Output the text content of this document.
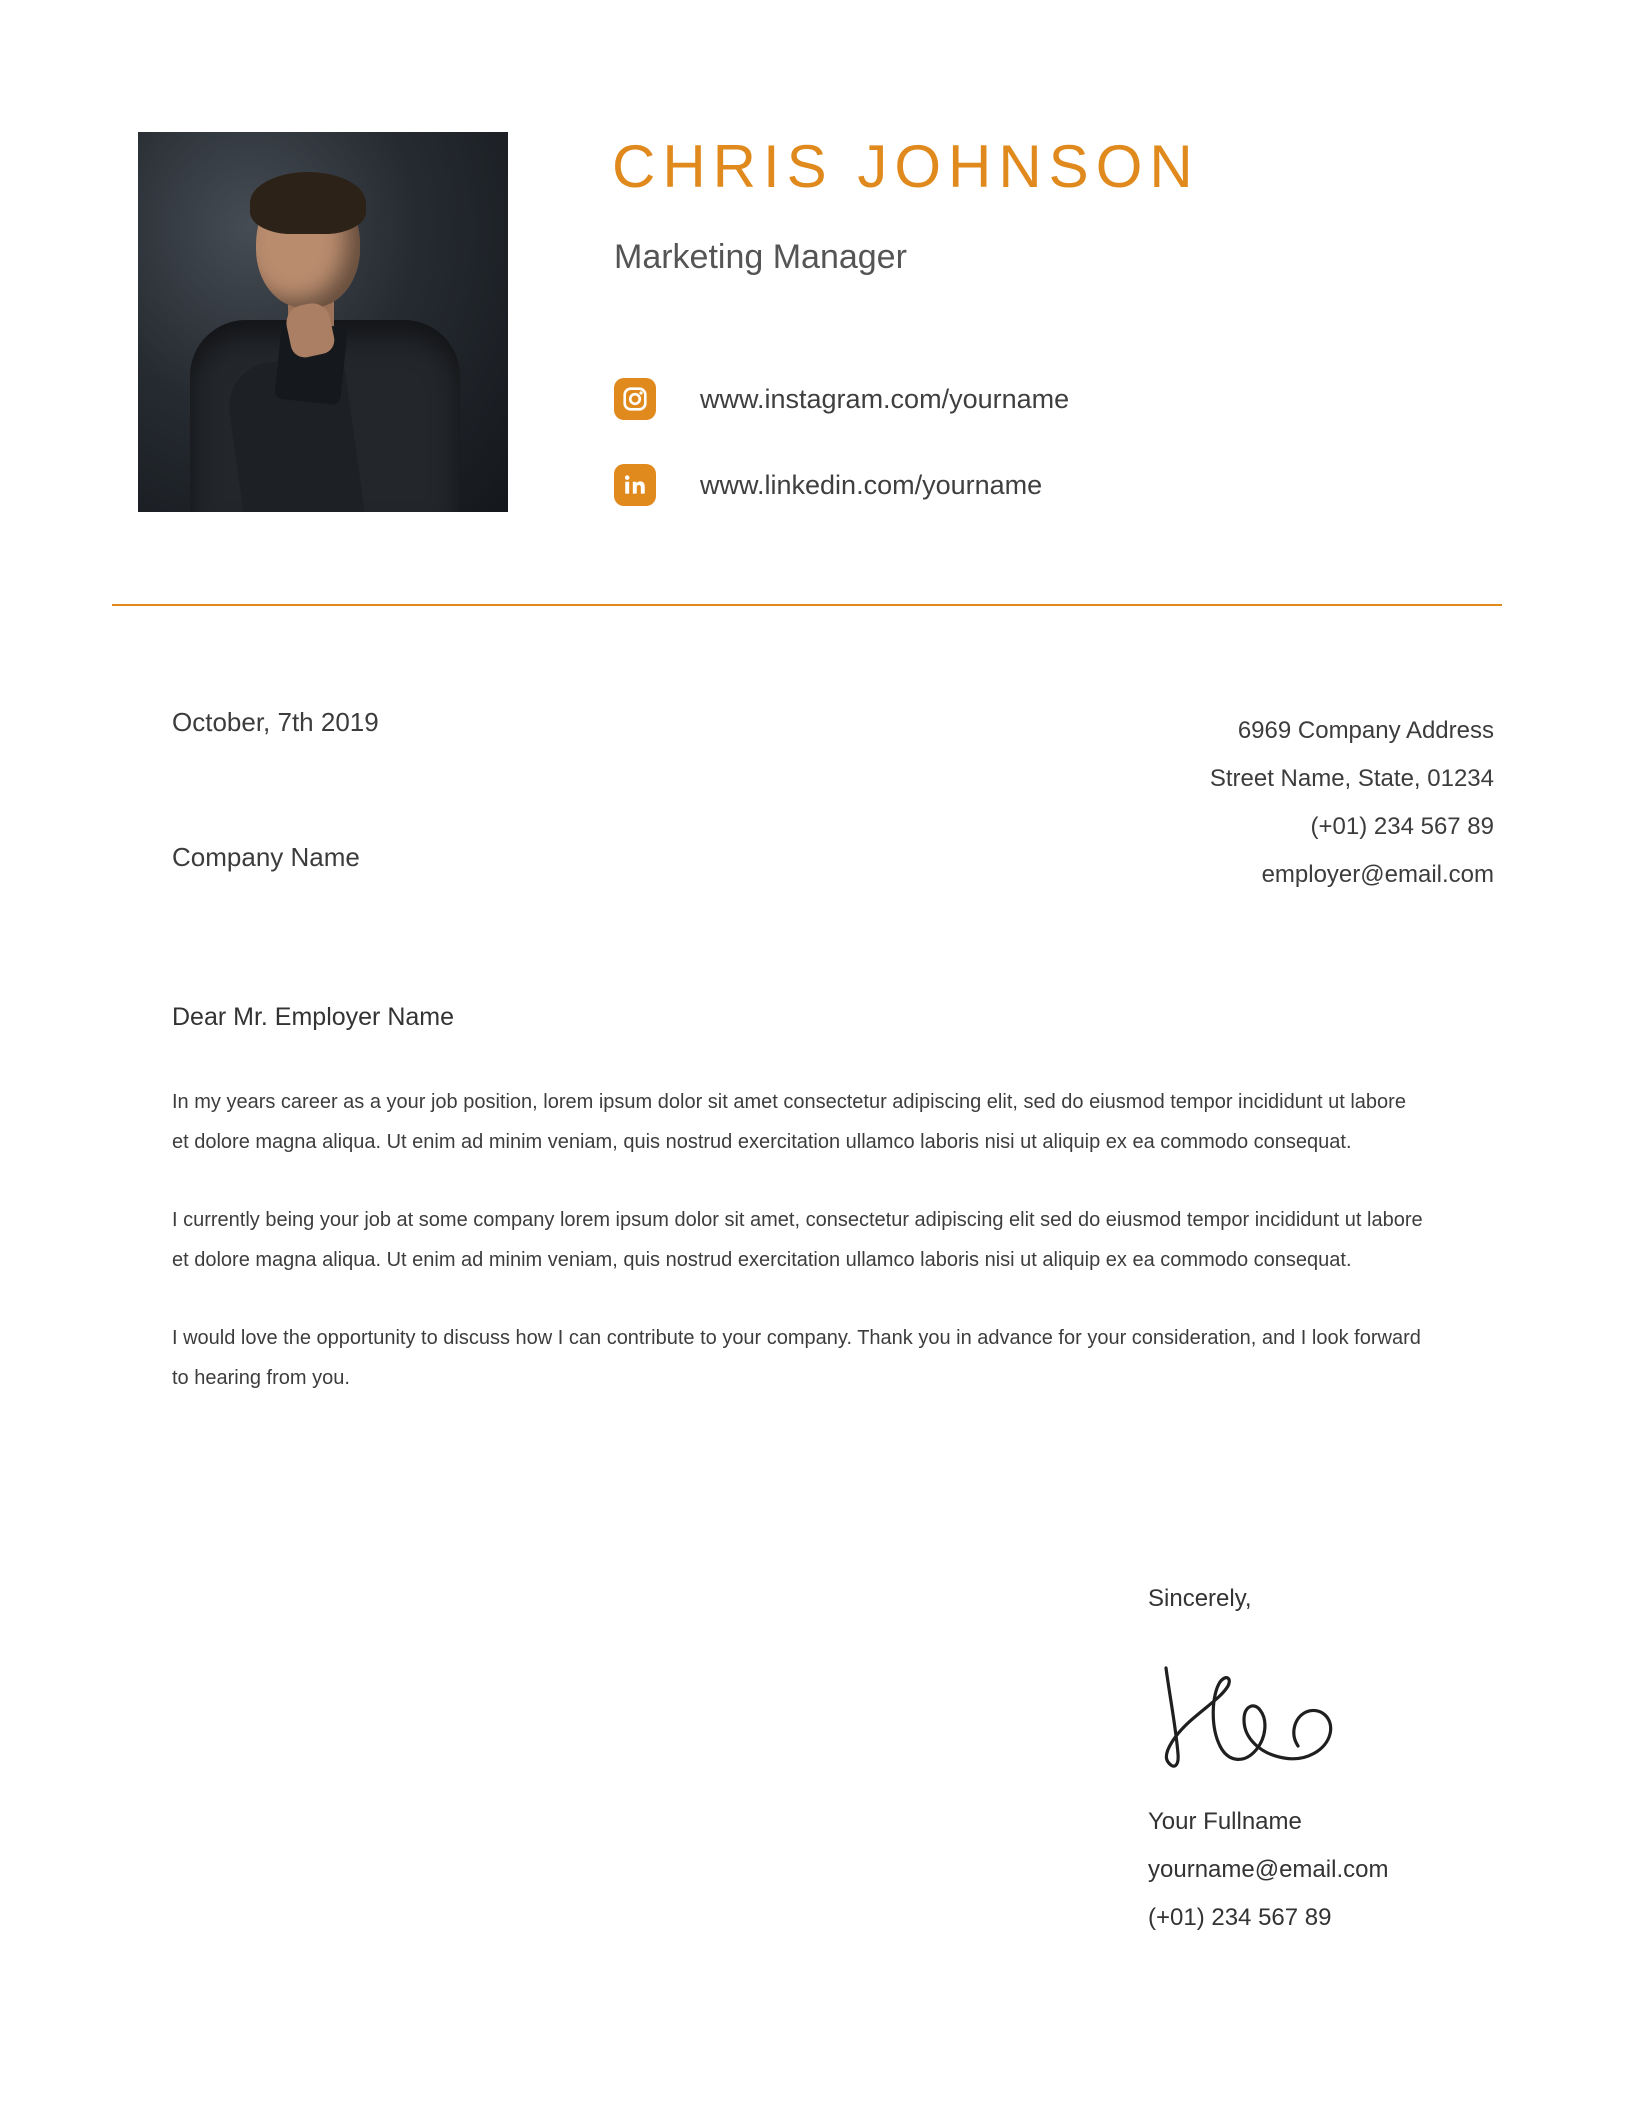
CHRIS JOHNSON
Marketing Manager
www.instagram.com/yourname
www.linkedin.com/yourname
October, 7th 2019
Company Name
6969 Company Address
Street Name, State, 01234
(+01) 234 567 89
employer@email.com
Dear Mr. Employer Name

In my years career as a your job position, lorem ipsum dolor sit amet consectetur adipiscing elit, sed do eiusmod tempor incididunt ut labore et dolore magna aliqua. Ut enim ad minim veniam, quis nostrud exercitation ullamco laboris nisi ut aliquip ex ea commodo consequat.

I currently being your job at some company lorem ipsum dolor sit amet, consectetur adipiscing elit sed do eiusmod tempor incididunt ut labore et dolore magna aliqua. Ut enim ad minim veniam, quis nostrud exercitation ullamco laboris nisi ut aliquip ex ea commodo consequat.

I would love the opportunity to discuss how I can contribute to your company. Thank you in advance for your consideration, and I look forward to hearing from you.

Sincerely,
Your Fullname
yourname@email.com
(+01) 234 567 89
